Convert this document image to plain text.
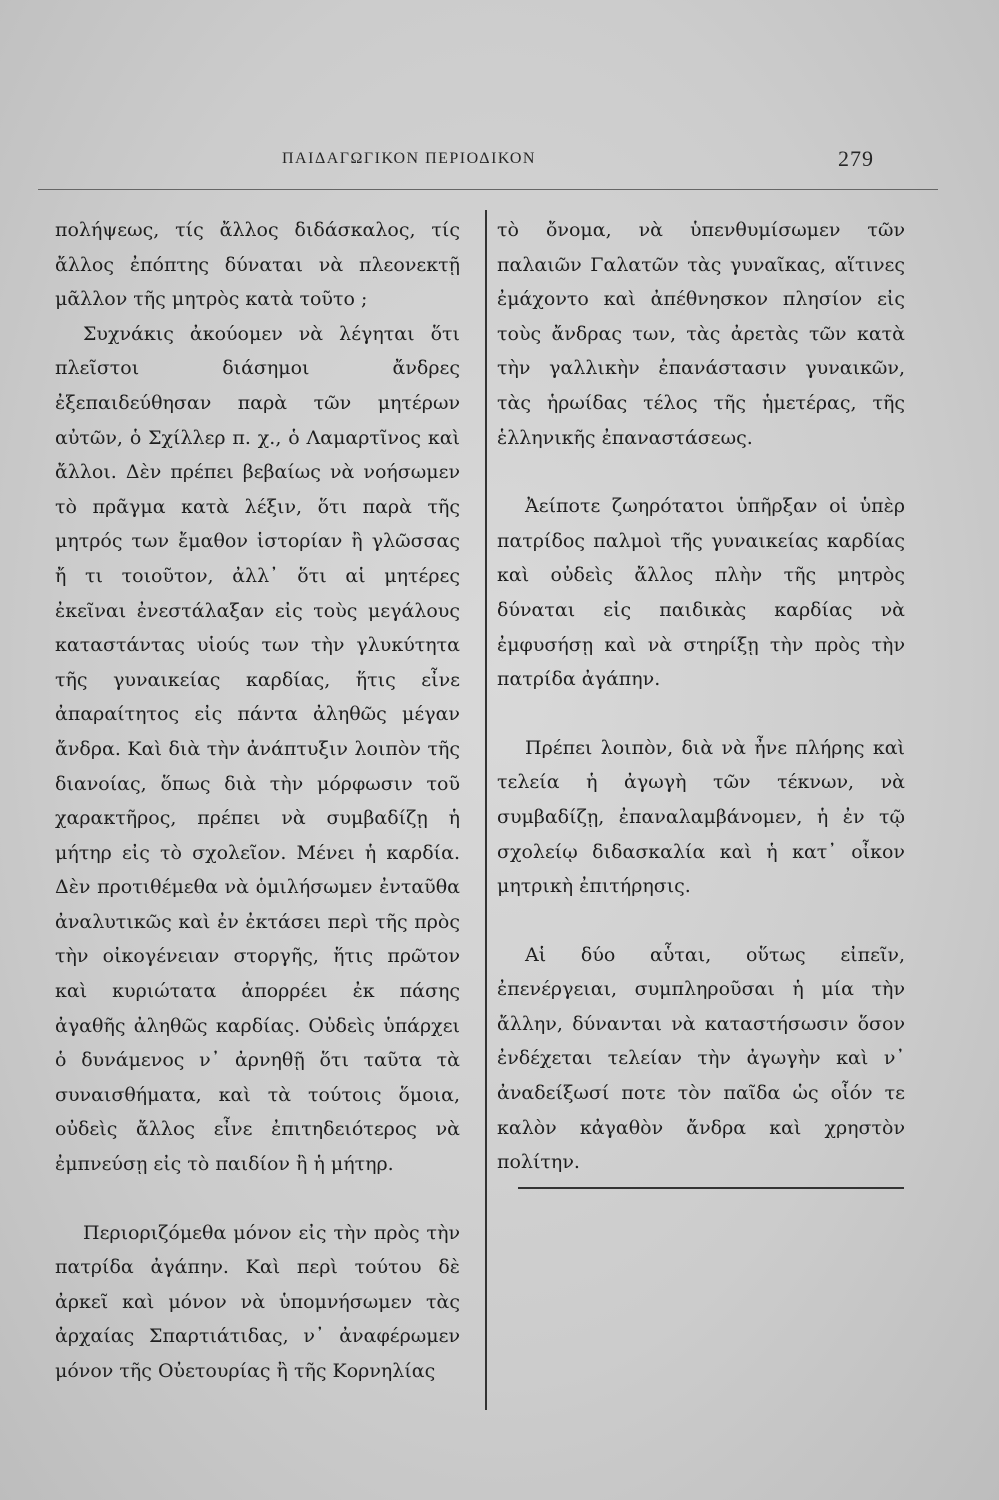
ΠΑΙΔΑΓΩΓΙΚΟΝ ΠΕΡΙΟΔΙΚΟΝ	279

πολήψεως, τίς ἄλλος διδάσκαλος, τίς ἄλλος ἐπόπτης δύναται νὰ πλεονεκτῇ μᾶλλον τῆς μητρὸς κατὰ τοῦτο ;

Συχνάκις ἀκούομεν νὰ λέγηται ὅτι πλεῖστοι διάσημοι ἄνδρες ἐξεπαιδεύθησαν παρὰ τῶν μητέρων αὐτῶν, ὁ Σχίλλερ π. χ., ὁ Λαμαρτῖνος καὶ ἄλλοι. Δὲν πρέπει βεβαίως νὰ νοήσωμεν τὸ πρᾶγμα κατὰ λέξιν, ὅτι παρὰ τῆς μητρός των ἔμαθον ἱστορίαν ἢ γλῶσσας ἤ τι τοιοῦτον, ἀλλ᾽ ὅτι αἱ μητέρες ἐκεῖναι ἐνεστάλαξαν εἰς τοὺς μεγάλους καταστάντας υἱούς των τὴν γλυκύτητα τῆς γυναικείας καρδίας, ἥτις εἶνε ἀπαραίτητος εἰς πάντα ἀληθῶς μέγαν ἄνδρα. Καὶ διὰ τὴν ἀνάπτυξιν λοιπὸν τῆς διανοίας, ὅπως διὰ τὴν μόρφωσιν τοῦ χαρακτῆρος, πρέπει νὰ συμβαδίζῃ ἡ μήτηρ εἰς τὸ σχολεῖον. Μένει ἡ καρδία. Δὲν προτιθέμεθα νὰ ὁμιλήσωμεν ἐνταῦθα ἀναλυτικῶς καὶ ἐν ἐκτάσει περὶ τῆς πρὸς τὴν οἰκογένειαν στοργῆς, ἥτις πρῶτον καὶ κυριώτατα ἀπορρέει ἐκ πάσης ἀγαθῆς ἀληθῶς καρδίας. Οὐδεὶς ὑπάρχει ὁ δυνάμενος ν᾽ ἀρνηθῇ ὅτι ταῦτα τὰ συναισθήματα, καὶ τὰ τούτοις ὅμοια, οὐδεὶς ἄλλος εἶνε ἐπιτηδειότερος νὰ ἐμπνεύσῃ εἰς τὸ παιδίον ἢ ἡ μήτηρ.

Περιοριζόμεθα μόνον εἰς τὴν πρὸς τὴν πατρίδα ἀγάπην. Καὶ περὶ τούτου δὲ ἀρκεῖ καὶ μόνον νὰ ὑπομνήσωμεν τὰς ἀρχαίας Σπαρτιάτιδας, ν᾽ ἀναφέρωμεν μόνον τῆς Οὐετουρίας ἢ τῆς Κορνηλίας

τὸ ὄνομα, νὰ ὑπενθυμίσωμεν τῶν παλαιῶν Γαλατῶν τὰς γυναῖκας, αἵτινες ἐμάχοντο καὶ ἀπέθνησκον πλησίον εἰς τοὺς ἄνδρας των, τὰς ἀρετὰς τῶν κατὰ τὴν γαλλικὴν ἐπανάστασιν γυναικῶν, τὰς ἡρωίδας τέλος τῆς ἡμετέρας, τῆς ἑλληνικῆς ἐπαναστάσεως.

Ἀείποτε ζωηρότατοι ὑπῆρξαν οἱ ὑπὲρ πατρίδος παλμοὶ τῆς γυναικείας καρδίας καὶ οὐδεὶς ἄλλος πλὴν τῆς μητρὸς δύναται εἰς παιδικὰς καρδίας νὰ ἐμφυσήσῃ καὶ νὰ στηρίξῃ τὴν πρὸς τὴν πατρίδα ἀγάπην.

Πρέπει λοιπὸν, διὰ νὰ ἦνε πλήρης καὶ τελεία ἡ ἀγωγὴ τῶν τέκνων, νὰ συμβαδίζῃ, ἐπαναλαμβάνομεν, ἡ ἐν τῷ σχολείῳ διδασκαλία καὶ ἡ κατ᾽ οἶκον μητρικὴ ἐπιτήρησις.

Αἱ δύο αὗται, οὕτως εἰπεῖν, ἐπενέργειαι, συμπληροῦσαι ἡ μία τὴν ἄλλην, δύνανται νὰ καταστήσωσιν ὅσον ἐνδέχεται τελείαν τὴν ἀγωγὴν καὶ ν᾽ ἀναδείξωσί ποτε τὸν παῖδα ὡς οἷόν τε καλὸν κἀγαθὸν ἄνδρα καὶ χρηστὸν πολίτην.
